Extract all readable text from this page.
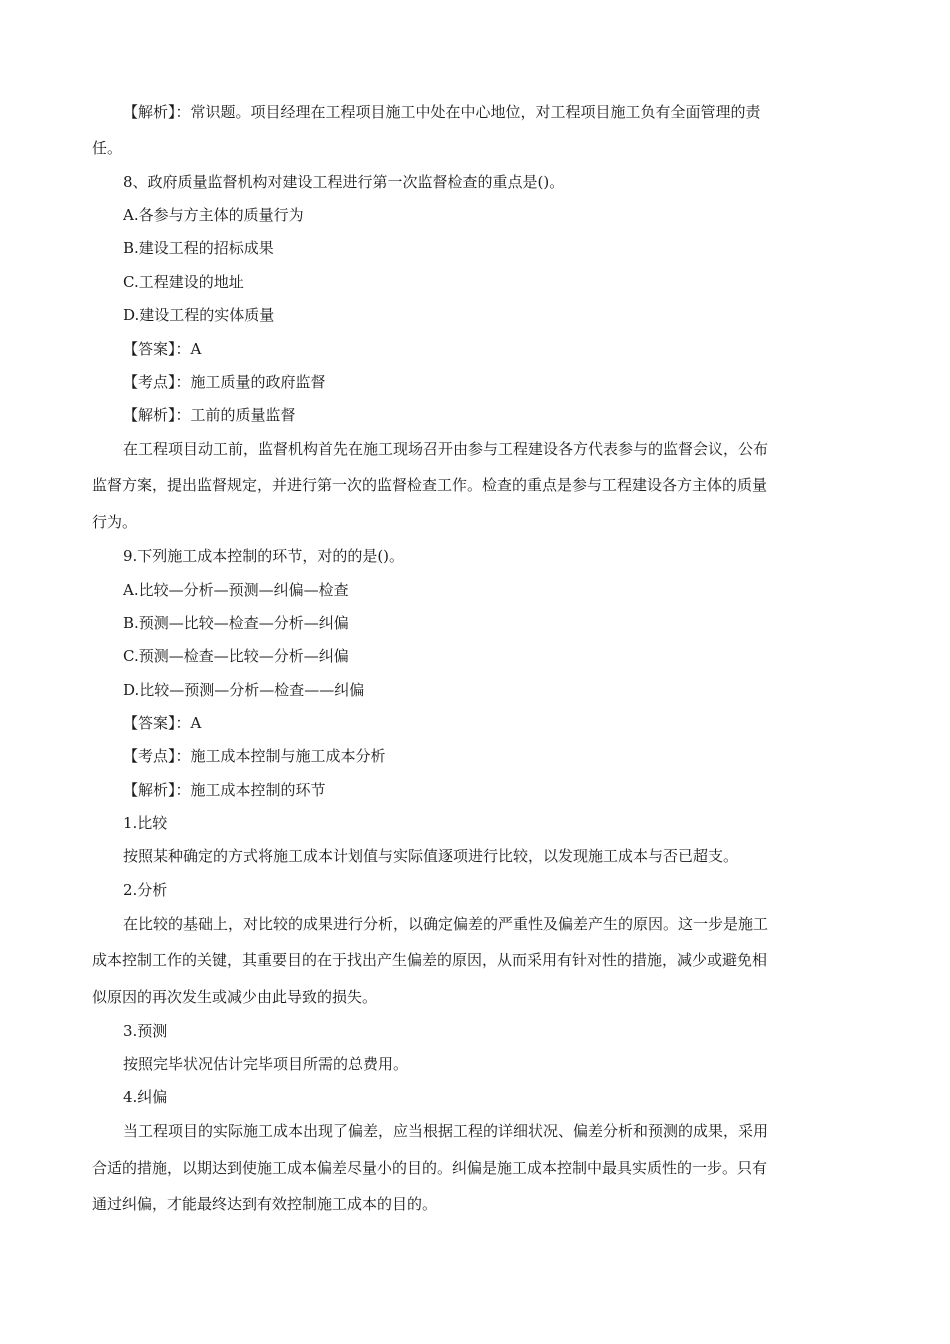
【解析】：常识题。项目经理在工程项目施工中处在中心地位，对工程项目施工负有全面管理的责
任。
8、政府质量监督机构对建设工程进行第一次监督检查的重点是()。
A.各参与方主体的质量行为
B.建设工程的招标成果
C.工程建设的地址
D.建设工程的实体质量
【答案】：A
【考点】：施工质量的政府监督
【解析】：工前的质量监督
在工程项目动工前，监督机构首先在施工现场召开由参与工程建设各方代表参与的监督会议，公布
监督方案，提出监督规定，并进行第一次的监督检查工作。检查的重点是参与工程建设各方主体的质量
行为。
9.下列施工成本控制的环节，对的的是()。
A.比较—分析—预测—纠偏—检查
B.预测—比较—检查—分析—纠偏
C.预测—检查—比较—分析—纠偏
D.比较—预测—分析—检查——纠偏
【答案】：A
【考点】：施工成本控制与施工成本分析
【解析】：施工成本控制的环节
1.比较
按照某种确定的方式将施工成本计划值与实际值逐项进行比较，以发现施工成本与否已超支。
2.分析
在比较的基础上，对比较的成果进行分析，以确定偏差的严重性及偏差产生的原因。这一步是施工
成本控制工作的关键，其重要目的在于找出产生偏差的原因，从而采用有针对性的措施，减少或避免相
似原因的再次发生或减少由此导致的损失。
3.预测
按照完毕状况估计完毕项目所需的总费用。
4.纠偏
当工程项目的实际施工成本出现了偏差，应当根据工程的详细状况、偏差分析和预测的成果，采用
合适的措施，以期达到使施工成本偏差尽量小的目的。纠偏是施工成本控制中最具实质性的一步。只有
通过纠偏，才能最终达到有效控制施工成本的目的。
